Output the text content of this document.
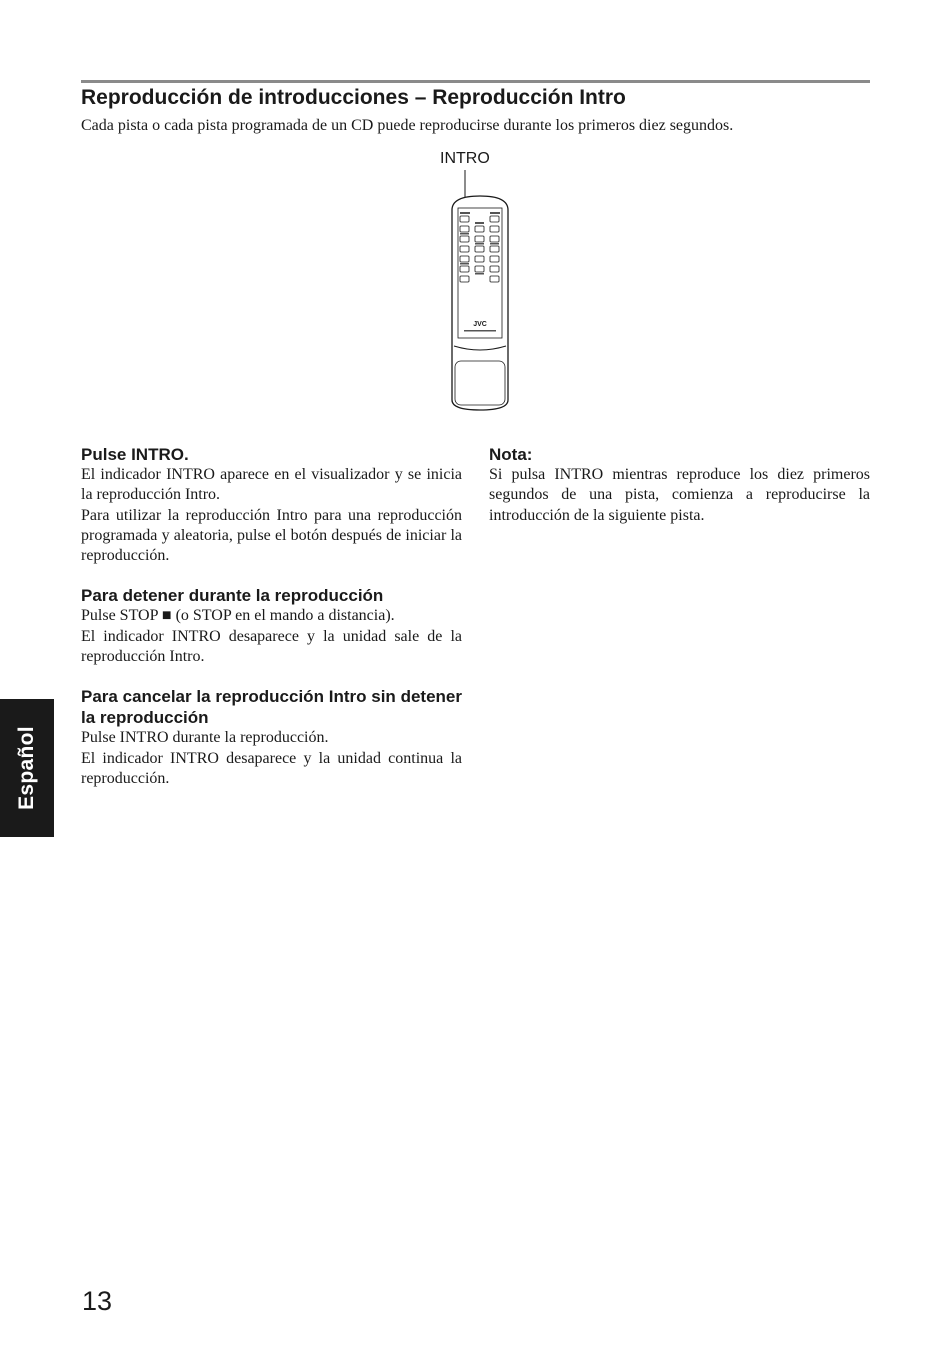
Reproducción de introducciones – Reproducción Intro

Cada pista o cada pista programada de un CD puede reproducirse durante los primeros diez segundos.

INTRO
JVC
Pulse INTRO.

El indicador INTRO aparece en el visualizador y se inicia la reproducción Intro.

Para utilizar la reproducción Intro para una reproducción programada y aleatoria, pulse el botón después de iniciar la reproducción.

Para detener durante la reproducción

Pulse STOP ■ (o STOP en el mando a distancia).

El indicador INTRO desaparece y la unidad sale de la reproducción Intro.

Para cancelar la reproducción Intro sin detener la reproducción

Pulse INTRO durante la reproducción.

El indicador INTRO desaparece y la unidad continua la reproducción.

Nota:

Si pulsa INTRO mientras reproduce los diez primeros segundos de una pista, comienza a reproducirse la introducción de la siguiente pista.

Español
13
